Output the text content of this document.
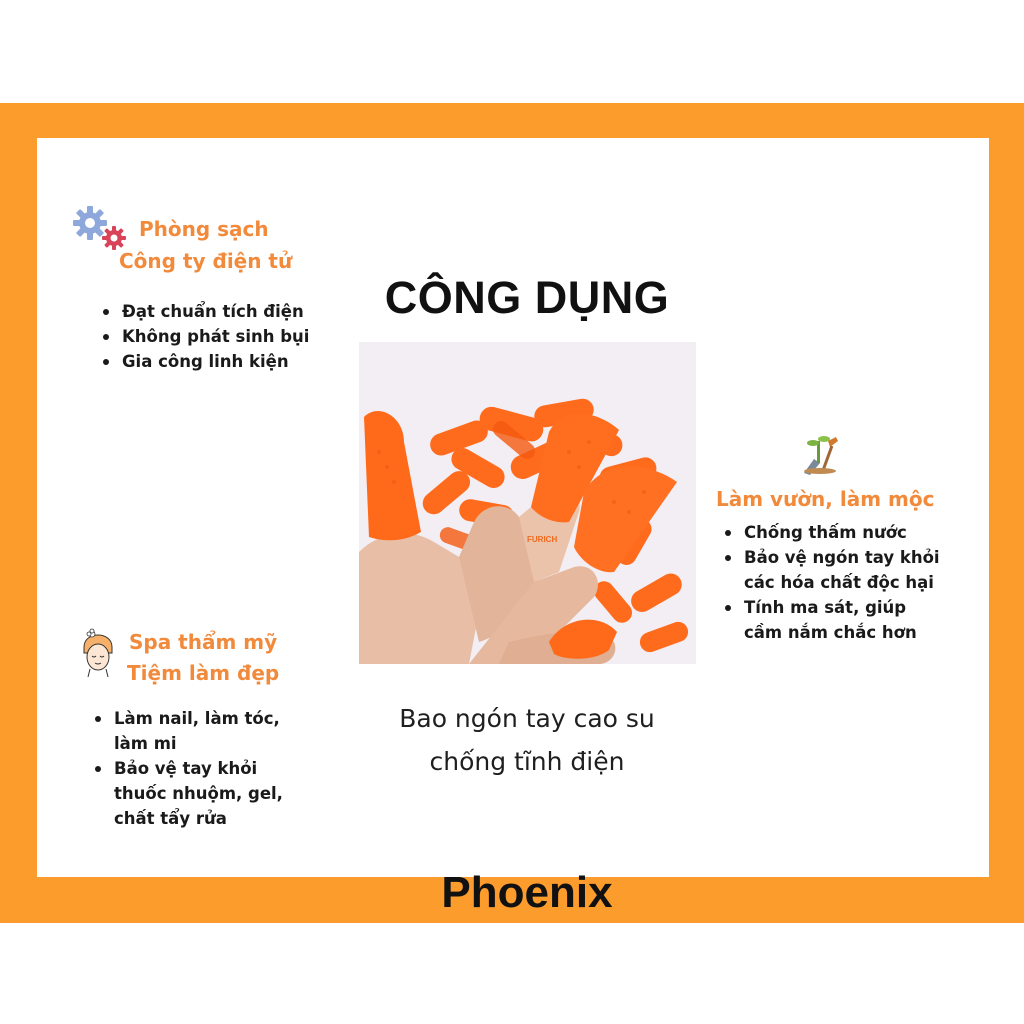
Phòng sạch
Công ty điện tử
Đạt chuẩn tích điện
Không phát sinh bụi
Gia công linh kiện
CÔNG DỤNG
FURICH
Làm vườn, làm mộc
Chống thấm nước
Bảo vệ ngón tay khỏi
các hóa chất độc hại
Tính ma sát, giúp
cầm nắm chắc hơn
Spa thẩm mỹ
Tiệm làm đẹp
Làm nail, làm tóc,
làm mi
Bảo vệ tay khỏi
thuốc nhuộm, gel,
chất tẩy rửa
Bao ngón tay cao su
chống tĩnh điện
Phoenix
